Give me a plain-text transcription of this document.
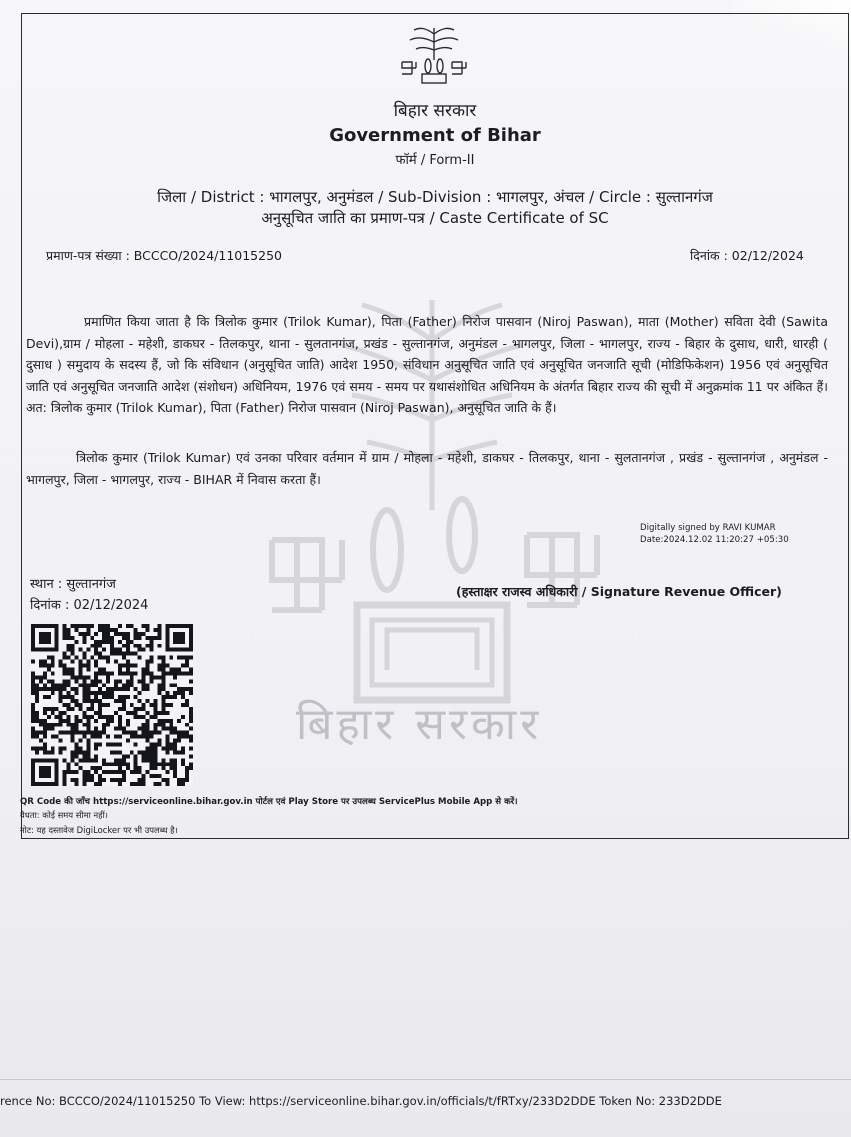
बिहार सरकार
बिहार सरकार
Government of Bihar
फॉर्म / Form-II
जिला / District : भागलपुर, अनुमंडल / Sub-Division : भागलपुर, अंचल / Circle : सुल्तानगंज
अनुसूचित जाति का प्रमाण-पत्र / Caste Certificate of SC
प्रमाण-पत्र संख्या : BCCCO/2024/11015250	दिनांक : 02/12/2024
प्रमाणित किया जाता है कि त्रिलोक कुमार (Trilok Kumar), पिता (Father) निरोज पासवान (Niroj Paswan), माता (Mother) सविता देवी (Sawita Devi),ग्राम / मोहला - महेशी, डाकघर - तिलकपुर, थाना - सुलतानगंज, प्रखंड - सुल्तानगंज, अनुमंडल - भागलपुर, जिला - भागलपुर, राज्य - बिहार के दुसाध, धारी, धारही ( दुसाध ) समुदाय के सदस्य हैं, जो कि संविधान (अनुसूचित जाति) आदेश 1950, संविधान अनुसूचित जाति एवं अनुसूचित जनजाति सूची (मोडिफिकेशन) 1956 एवं अनुसूचित जाति एवं अनुसूचित जनजाति आदेश (संशोधन) अधिनियम, 1976 एवं समय - समय पर यथासंशोधित अधिनियम के अंतर्गत बिहार राज्य की सूची में अनुक्रमांक 11 पर अंकित हैं। अत: त्रिलोक कुमार (Trilok Kumar), पिता (Father) निरोज पासवान (Niroj Paswan), अनुसूचित जाति के हैं।
त्रिलोक कुमार (Trilok Kumar) एवं उनका परिवार वर्तमान में ग्राम / मोहला - महेशी, डाकघर - तिलकपुर, थाना - सुलतानगंज , प्रखंड - सुल्तानगंज , अनुमंडल - भागलपुर, जिला - भागलपुर, राज्य - BIHAR में निवास करता हैं।
Digitally signed by RAVI KUMAR
Date:2024.12.02 11:20:27 +05:30
स्थान : सुल्तानगंज
दिनांक : 02/12/2024
(हस्ताक्षर राजस्व अधिकारी / Signature Revenue Officer)
QR Code की जाँच https://serviceonline.bihar.gov.in पोर्टल एवं Play Store पर उपलब्ध ServicePlus Mobile App से करें।
वैधता: कोई समय सीमा नहीं।
नोट: यह दस्तावेज DigiLocker पर भी उपलब्ध है।
rence No: BCCCO/2024/11015250 To View: https://serviceonline.bihar.gov.in/officials/t/fRTxy/233D2DDE Token No: 233D2DDE
